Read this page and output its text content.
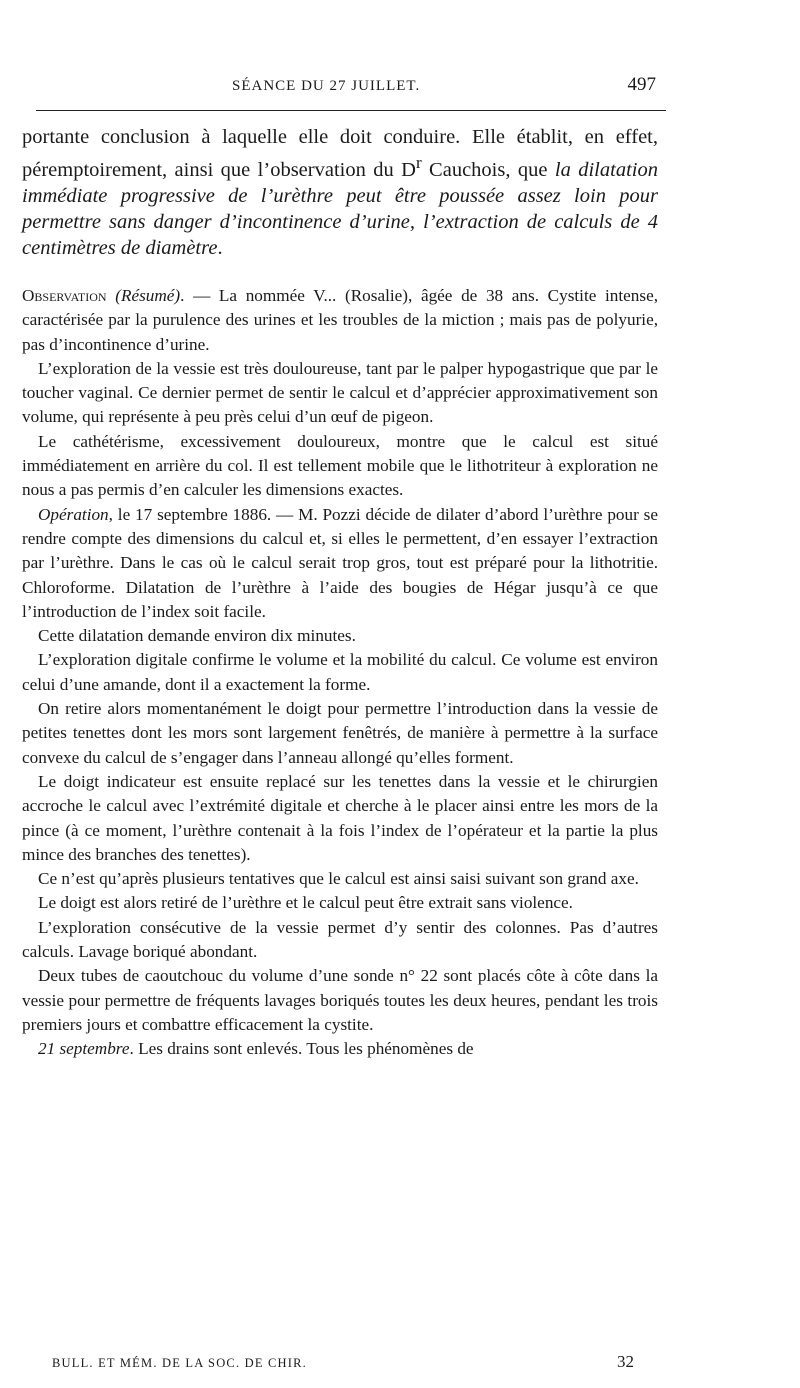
SÉANCE DU 27 JUILLET.	497
portante conclusion à laquelle elle doit conduire. Elle établit, en effet, péremptoirement, ainsi que l’observation du $D^r$ Cauchois, que la dilatation immédiate progressive de l’urèthre peut être poussée assez loin pour permettre sans danger d’incontinence d’urine, l’extraction de calculs de 4 centimètres de diamètre.

Observation (Résumé). — La nommée V... (Rosalie), âgée de 38 ans. Cystite intense, caractérisée par la purulence des urines et les troubles de la miction ; mais pas de polyurie, pas d’incontinence d’urine.

L’exploration de la vessie est très douloureuse, tant par le palper hypogastrique que par le toucher vaginal. Ce dernier permet de sentir le calcul et d’apprécier approximativement son volume, qui représente à peu près celui d’un œuf de pigeon.

Le cathétérisme, excessivement douloureux, montre que le calcul est situé immédiatement en arrière du col. Il est tellement mobile que le lithotriteur à exploration ne nous a pas permis d’en calculer les dimensions exactes.

Opération, le 17 septembre 1886. — M. Pozzi décide de dilater d’abord l’urèthre pour se rendre compte des dimensions du calcul et, si elles le permettent, d’en essayer l’extraction par l’urèthre. Dans le cas où le calcul serait trop gros, tout est préparé pour la lithotritie. Chloroforme. Dilatation de l’urèthre à l’aide des bougies de Hégar jusqu’à ce que l’introduction de l’index soit facile.

Cette dilatation demande environ dix minutes.

L’exploration digitale confirme le volume et la mobilité du calcul. Ce volume est environ celui d’une amande, dont il a exactement la forme.

On retire alors momentanément le doigt pour permettre l’introduction dans la vessie de petites tenettes dont les mors sont largement fenêtrés, de manière à permettre à la surface convexe du calcul de s’engager dans l’anneau allongé qu’elles forment.

Le doigt indicateur est ensuite replacé sur les tenettes dans la vessie et le chirurgien accroche le calcul avec l’extrémité digitale et cherche à le placer ainsi entre les mors de la pince (à ce moment, l’urèthre contenait à la fois l’index de l’opérateur et la partie la plus mince des branches des tenettes).

Ce n’est qu’après plusieurs tentatives que le calcul est ainsi saisi suivant son grand axe.

Le doigt est alors retiré de l’urèthre et le calcul peut être extrait sans violence.

L’exploration consécutive de la vessie permet d’y sentir des colonnes. Pas d’autres calculs. Lavage boriqué abondant.

Deux tubes de caoutchouc du volume d’une sonde n° 22 sont placés côte à côte dans la vessie pour permettre de fréquents lavages boriqués toutes les deux heures, pendant les trois premiers jours et combattre efficacement la cystite.

21 septembre. Les drains sont enlevés. Tous les phénomènes de

BULL. ET MÉM. DE LA SOC. DE CHIR.	32
